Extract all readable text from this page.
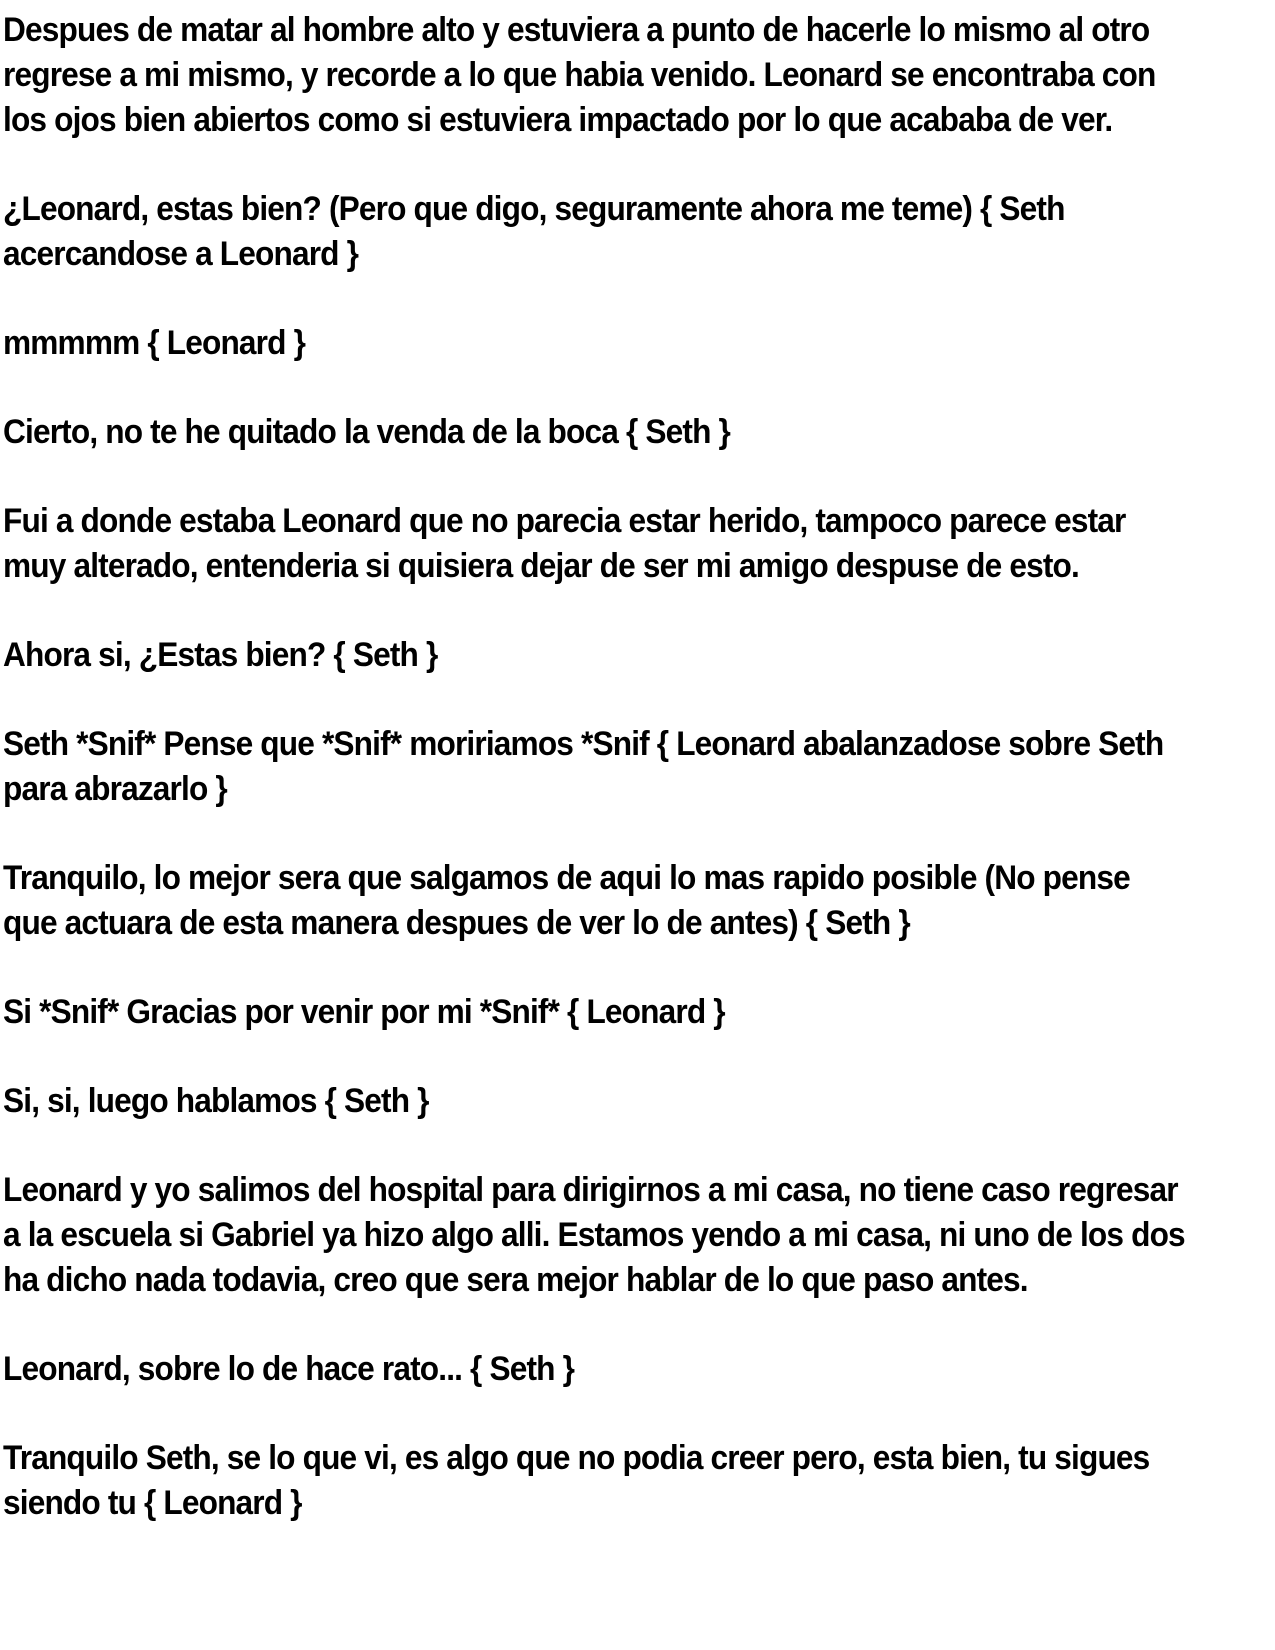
Despues de matar al hombre alto y estuviera a punto de hacerle lo mismo al otro
regrese a mi mismo, y recorde a lo que habia venido. Leonard se encontraba con
los ojos bien abiertos como si estuviera impactado por lo que acababa de ver.

¿Leonard, estas bien? (Pero que digo, seguramente ahora me teme) { Seth
acercandose a Leonard }

mmmmm { Leonard }

Cierto, no te he quitado la venda de la boca { Seth }

Fui a donde estaba Leonard que no parecia estar herido, tampoco parece estar
muy alterado, entenderia si quisiera dejar de ser mi amigo despuse de esto.

Ahora si, ¿Estas bien? { Seth }

Seth *Snif* Pense que *Snif* moririamos *Snif { Leonard abalanzadose sobre Seth
para abrazarlo }

Tranquilo, lo mejor sera que salgamos de aqui lo mas rapido posible (No pense
que actuara de esta manera despues de ver lo de antes) { Seth }

Si *Snif* Gracias por venir por mi *Snif* { Leonard }

Si, si, luego hablamos { Seth }

Leonard y yo salimos del hospital para dirigirnos a mi casa, no tiene caso regresar
a la escuela si Gabriel ya hizo algo alli. Estamos yendo a mi casa, ni uno de los dos
ha dicho nada todavia, creo que sera mejor hablar de lo que paso antes.

Leonard, sobre lo de hace rato... { Seth }

Tranquilo Seth, se lo que vi, es algo que no podia creer pero, esta bien, tu sigues
siendo tu { Leonard }
